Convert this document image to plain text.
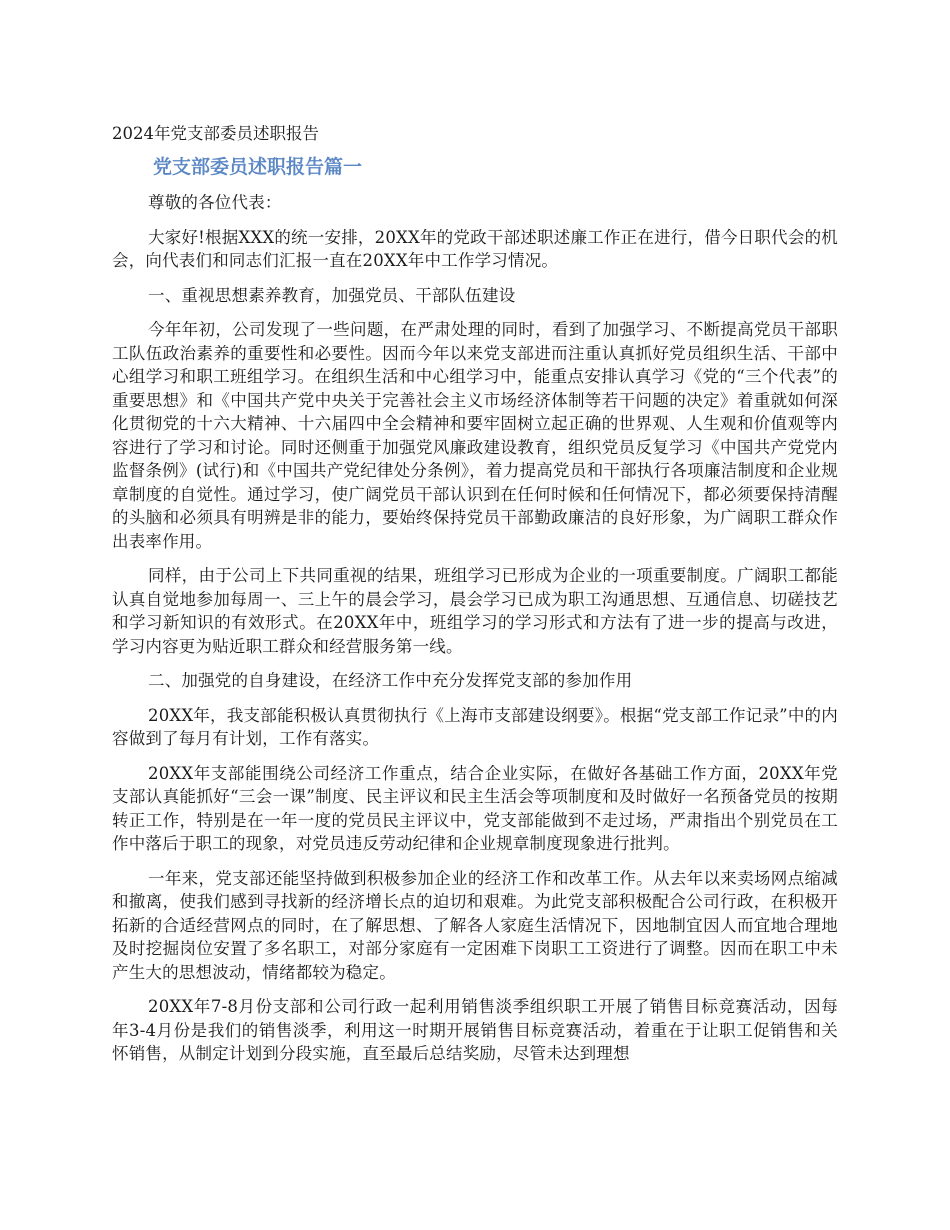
2024年党支部委员述职报告
党支部委员述职报告篇一

尊敬的各位代表：

大家好!根据XXX的统一安排，20XX年的党政干部述职述廉工作正在进行，借今日职代会的机会，向代表们和同志们汇报一直在20XX年中工作学习情况。

一、重视思想素养教育，加强党员、干部队伍建设

今年年初，公司发现了一些问题，在严肃处理的同时，看到了加强学习、不断提高党员干部职工队伍政治素养的重要性和必要性。因而今年以来党支部进而注重认真抓好党员组织生活、干部中心组学习和职工班组学习。在组织生活和中心组学习中，能重点安排认真学习《党的“三个代表”的重要思想》和《中国共产党中央关于完善社会主义市场经济体制等若干问题的决定》着重就如何深化贯彻党的十六大精神、十六届四中全会精神和要牢固树立起正确的世界观、人生观和价值观等内容进行了学习和讨论。同时还侧重于加强党风廉政建设教育，组织党员反复学习《中国共产党党内监督条例》(试行)和《中国共产党纪律处分条例》，着力提高党员和干部执行各项廉洁制度和企业规章制度的自觉性。通过学习，使广阔党员干部认识到在任何时候和任何情况下，都必须要保持清醒的头脑和必须具有明辨是非的能力，要始终保持党员干部勤政廉洁的良好形象，为广阔职工群众作出表率作用。

同样，由于公司上下共同重视的结果，班组学习已形成为企业的一项重要制度。广阔职工都能认真自觉地参加每周一、三上午的晨会学习，晨会学习已成为职工沟通思想、互通信息、切磋技艺和学习新知识的有效形式。在20XX年中，班组学习的学习形式和方法有了进一步的提高与改进，学习内容更为贴近职工群众和经营服务第一线。

二、加强党的自身建设，在经济工作中充分发挥党支部的参加作用

20XX年，我支部能积极认真贯彻执行《上海市支部建设纲要》。根据“党支部工作记录”中的内容做到了每月有计划，工作有落实。

20XX年支部能围绕公司经济工作重点，结合企业实际，在做好各基础工作方面，20XX年党支部认真能抓好“三会一课”制度、民主评议和民主生活会等项制度和及时做好一名预备党员的按期转正工作，特别是在一年一度的党员民主评议中，党支部能做到不走过场，严肃指出个别党员在工作中落后于职工的现象，对党员违反劳动纪律和企业规章制度现象进行批判。

一年来，党支部还能坚持做到积极参加企业的经济工作和改革工作。从去年以来卖场网点缩减和撤离，使我们感到寻找新的经济增长点的迫切和艰难。为此党支部积极配合公司行政，在积极开拓新的合适经营网点的同时，在了解思想、了解各人家庭生活情况下，因地制宜因人而宜地合理地及时挖掘岗位安置了多名职工，对部分家庭有一定困难下岗职工工资进行了调整。因而在职工中未产生大的思想波动，情绪都较为稳定。

20XX年7-8月份支部和公司行政一起利用销售淡季组织职工开展了销售目标竞赛活动，因每年3-4月份是我们的销售淡季，利用这一时期开展销售目标竞赛活动，着重在于让职工促销售和关怀销售，从制定计划到分段实施，直至最后总结奖励，尽管未达到理想
